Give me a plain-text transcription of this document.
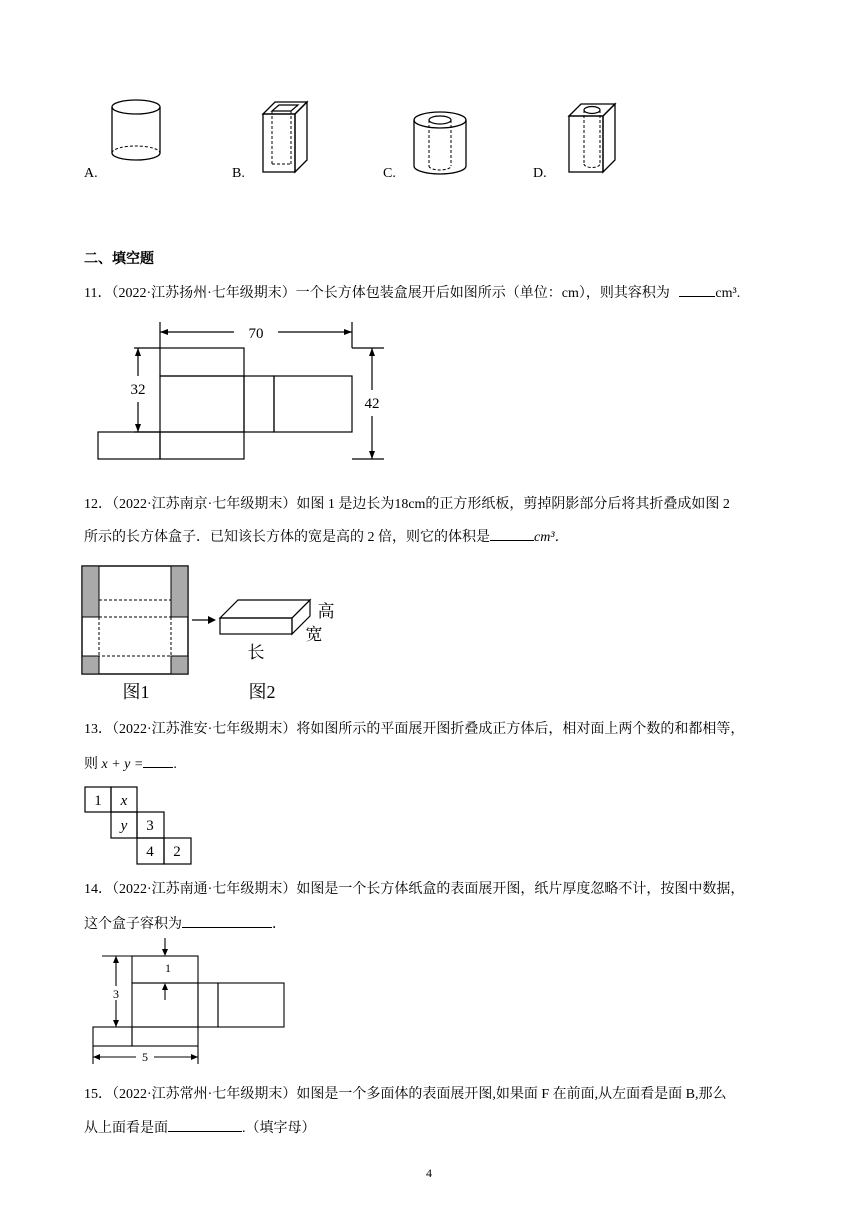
A.	B.	C.	D.
二、填空题
11．（2022·江苏扬州·七年级期末）一个长方体包装盒展开后如图所示（单位：cm），则其容积为	cm³.
70
32
42
12．（2022·江苏南京·七年级期末）如图 1 是边长为18cm的正方形纸板，剪掉阴影部分后将其折叠成如图 2
所示的长方体盒子．已知该长方体的宽是高的 2 倍，则它的体积是	cm³．
高
宽
长
图1	图2
13．（2022·江苏淮安·七年级期末）将如图所示的平面展开图折叠成正方体后，相对面上两个数的和都相等，
则 x + y = .
1 x
y 3
4 2
14．（2022·江苏南通·七年级期末）如图是一个长方体纸盒的表面展开图，纸片厚度忽略不计，按图中数据，
这个盒子容积为	．
3
1
5
15．（2022·江苏常州·七年级期末）如图是一个多面体的表面展开图,如果面 F 在前面,从左面看是面 B,那么
从上面看是面	.（填字母）
4
